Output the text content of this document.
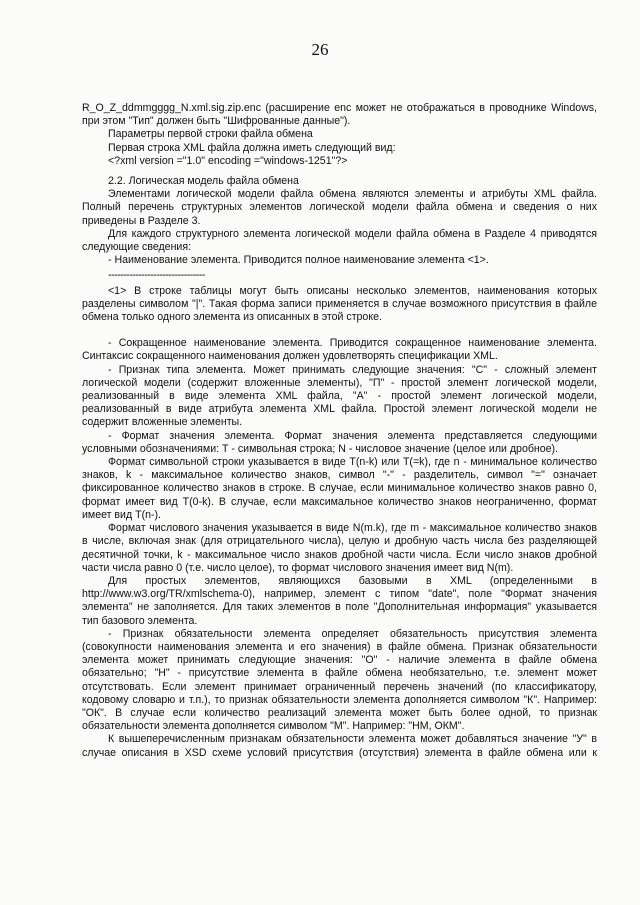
26

R_O_Z_ddmmgggg_N.xml.sig.zip.enc (расширение enc может не отображаться в проводнике Windows, при этом "Тип" должен быть "Шифрованные данные").

Параметры первой строки файла обмена

Первая строка XML файла должна иметь следующий вид:

<?xml version ="1.0" encoding ="windows-1251"?>

2.2. Логическая модель файла обмена

Элементами логической модели файла обмена являются элементы и атрибуты XML файла. Полный перечень структурных элементов логической модели файла обмена и сведения о них приведены в Разделе 3.

Для каждого структурного элемента логической модели файла обмена в Разделе 4 приводятся следующие сведения:

- Наименование элемента. Приводится полное наименование элемента <1>.

--------------------------------

<1> В строке таблицы могут быть описаны несколько элементов, наименования которых разделены символом "|". Такая форма записи применяется в случае возможного присутствия в файле обмена только одного элемента из описанных в этой строке.

- Сокращенное наименование элемента. Приводится сокращенное наименование элемента. Синтаксис сокращенного наименования должен удовлетворять спецификации XML.

- Признак типа элемента. Может принимать следующие значения: "С" - сложный элемент логической модели (содержит вложенные элементы), "П" - простой элемент логической модели, реализованный в виде элемента XML файла, "А" - простой элемент логической модели, реализованный в виде атрибута элемента XML файла. Простой элемент логической модели не содержит вложенные элементы.

- Формат значения элемента. Формат значения элемента представляется следующими условными обозначениями: Т - символьная строка; N - числовое значение (целое или дробное).

Формат символьной строки указывается в виде Т(n-k) или T(=k), где n - минимальное количество знаков, k - максимальное количество знаков, символ "-" - разделитель, символ "=" означает фиксированное количество знаков в строке. В случае, если минимальное количество знаков равно 0, формат имеет вид Т(0-k). В случае, если максимальное количество знаков неограниченно, формат имеет вид Т(n-).

Формат числового значения указывается в виде N(m.k), где m - максимальное количество знаков в числе, включая знак (для отрицательного числа), целую и дробную часть числа без разделяющей десятичной точки, k - максимальное число знаков дробной части числа. Если число знаков дробной части числа равно 0 (т.е. число целое), то формат числового значения имеет вид N(m).

Для простых элементов, являющихся базовыми в XML (определенными в http://www.w3.org/TR/xmlschema-0), например, элемент с типом "date", поле "Формат значения элемента" не заполняется. Для таких элементов в поле "Дополнительная информация" указывается тип базового элемента.

- Признак обязательности элемента определяет обязательность присутствия элемента (совокупности наименования элемента и его значения) в файле обмена. Признак обязательности элемента может принимать следующие значения: "О" - наличие элемента в файле обмена обязательно; "Н" - присутствие элемента в файле обмена необязательно, т.е. элемент может отсутствовать. Если элемент принимает ограниченный перечень значений (по классификатору, кодовому словарю и т.п.), то признак обязательности элемента дополняется символом "К". Например: "ОК". В случае если количество реализаций элемента может быть более одной, то признак обязательности элемента дополняется символом "М". Например: "НМ, ОКМ".

К вышеперечисленным признакам обязательности элемента может добавляться значение "У" в случае описания в XSD схеме условий присутствия (отсутствия) элемента в файле обмена или к
